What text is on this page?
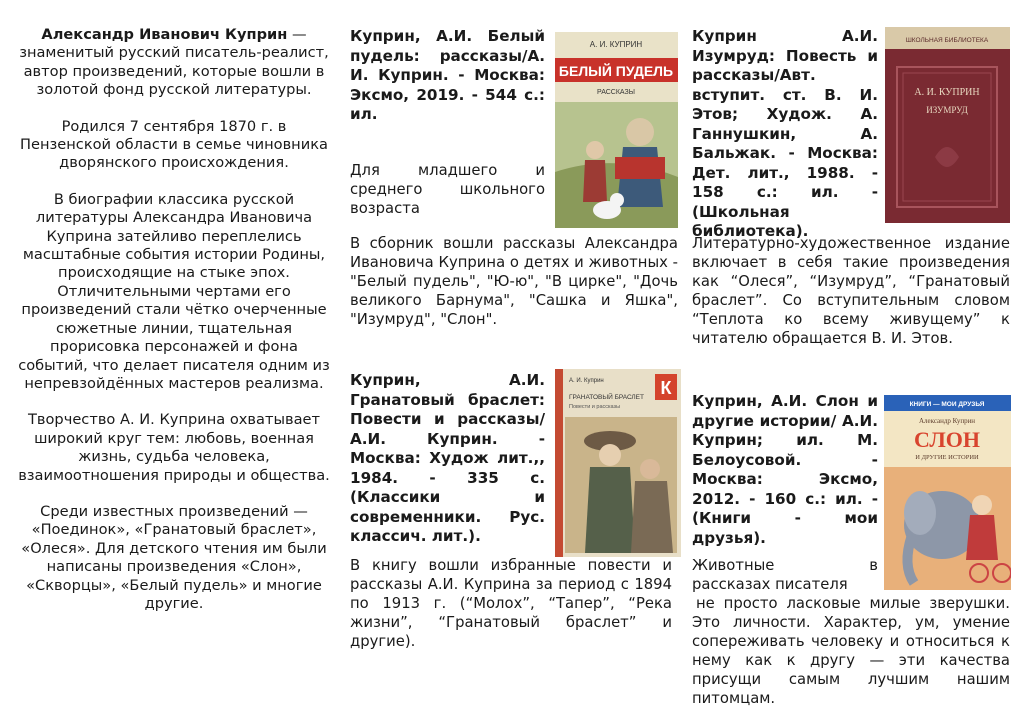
Александр Иванович Куприн — знаменитый русский писатель-реалист, автор произведений, которые вошли в золотой фонд русской литературы.

Родился 7 сентября 1870 г. в Пензенской области в семье чиновника дворянского происхождения.

В биографии классика русской литературы Александра Ивановича Куприна затейливо переплелись масштабные события истории Родины, происходящие на стыке эпох. Отличительными чертами его произведений стали чётко очерченные сюжетные линии, тщательная прорисовка персонажей и фона событий, что делает писателя одним из непревзойдённых мастеров реализма.

Творчество А. И. Куприна охватывает широкий круг тем: любовь, военная жизнь, судьба человека, взаимоотношения природы и общества.

Среди известных произведений — «Поединок», «Гранатовый браслет», «Олеся». Для детского чтения им были написаны произведения «Слон», «Скворцы», «Белый пудель» и многие другие.

Куприн, А.И. Белый пудель: рассказы/А. И. Куприн. - Москва: Эксмо, 2019. - 544 с.: ил.
Для младшего и среднего школьного возраста
В сборник вошли рассказы Александра Ивановича Куприна о детях и животных - "Белый пудель", "Ю-ю", "В цирке", "Дочь великого Барнума", "Сашка и Яшка", "Изумруд", "Слон".
А. И. КУПРИН
БЕЛЫЙ ПУДЕЛЬ
РАССКАЗЫ
Куприн А.И. Изумруд: Повесть и рассказы/Авт. вступит. ст. В. И. Этов; Худож. А. Ганнушкин, А. Бальжак. - Москва: Дет. лит., 1988. - 158 с.: ил. - (Школьная библиотека).
Литературно-художественное издание включает в себя такие произведения как “Олеся”, “Изумруд”, “Гранатовый браслет”. Со вступительным словом “Теплота ко всему живущему” к читателю обращается В. И. Этов.
ШКОЛЬНАЯ БИБЛИОТЕКА
А. И. КУПРИН
ИЗУМРУД
Куприн, А.И. Гранатовый браслет: Повести и рассказы/А.И. Куприн. - Москва: Худож лит.,, 1984. - 335 с.(Классики и современники. Рус. классич. лит.).
В книгу вошли избранные повести и рассказы А.И. Куприна за период с 1894 по 1913 г. (“Молох”, “Тапер”, “Река жизни”, “Гранатовый браслет” и другие).
А. И. Куприн
ГРАНАТОВЫЙ БРАСЛЕТ
Повести и рассказы
К
Куприн, А.И. Слон и другие истории/ А.И. Куприн; ил. М. Белоусовой. - Москва: Эксмо, 2012. - 160 с.: ил. - (Книги - мои друзья).
Животные в
рассказах писателя
не просто ласковые милые зверушки. Это личности. Характер, ум, умение сопереживать человеку и относиться к нему как к другу — эти качества присущи самым лучшим нашим питомцам.
КНИГИ — МОИ ДРУЗЬЯ
Александр Куприн
СЛОН
И ДРУГИЕ ИСТОРИИ
